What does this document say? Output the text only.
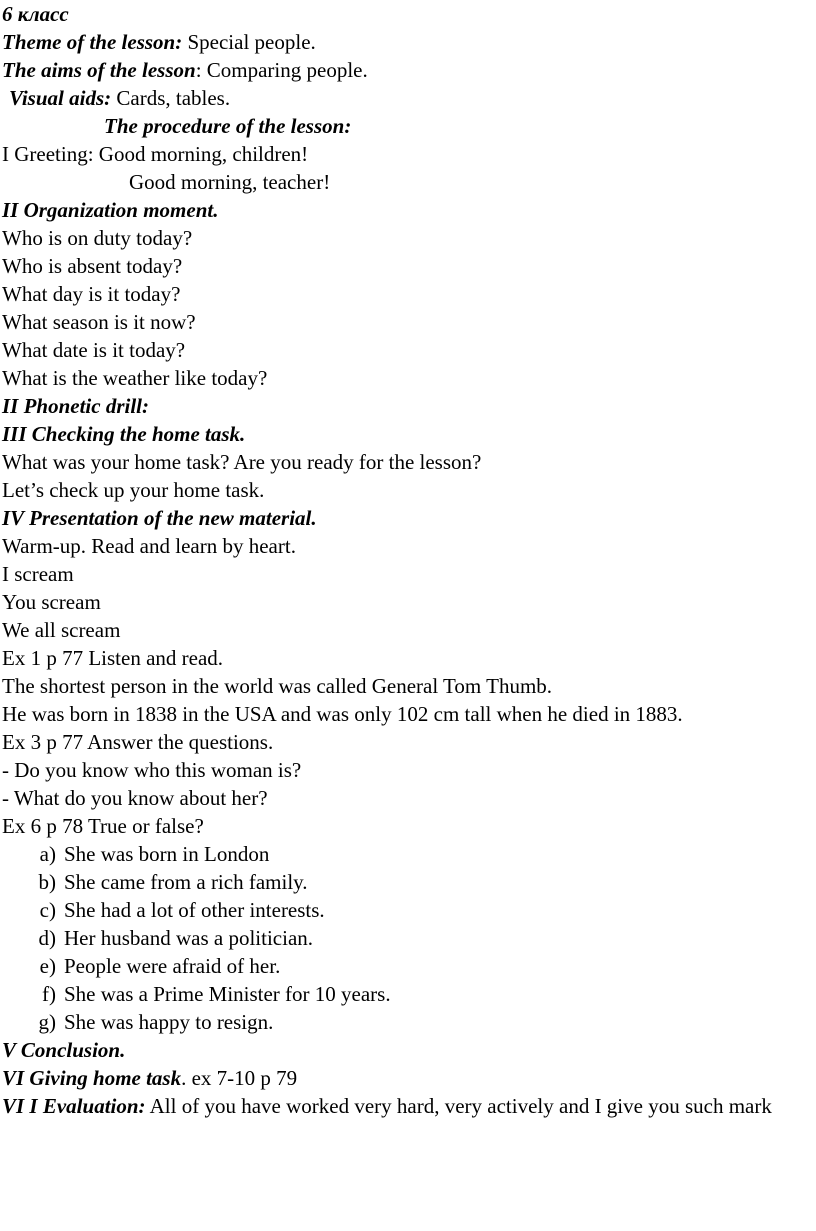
6 класс
Theme of the lesson: Special people.
The aims of the lesson: Comparing people.
Visual aids: Cards, tables.
The procedure of the lesson:
I Greeting: Good morning, children!
Good morning, teacher!
II Organization moment.
Who is on duty today?
Who is absent today?
What day is it today?
What season is it now?
What date is it today?
What is the weather like today?
II Phonetic drill:
III Checking the home task.
What was your home task? Are you ready for the lesson?
Let’s check up your home task.
IV Presentation of the new material.
Warm-up. Read and learn by heart.
I scream
You scream
We all scream
Ex 1 p 77 Listen and read.
The shortest person in the world was called General Tom Thumb.
He was born in 1838 in the USA and was only 102 cm tall when he died in 1883.
Ex 3 p 77 Answer the questions.
- Do you know who this woman is?
- What do you know about her?
Ex 6 p 78 True or false?
a) She was born in London
b) She came from a rich family.
c) She had a lot of other interests.
d) Her husband was a politician.
e) People were afraid of her.
f) She was a Prime Minister for 10 years.
g) She was happy to resign.
V Conclusion.
VI Giving home task. ex 7-10 p 79
VI I Evaluation: All of you have worked very hard, very actively and I give you such mark
